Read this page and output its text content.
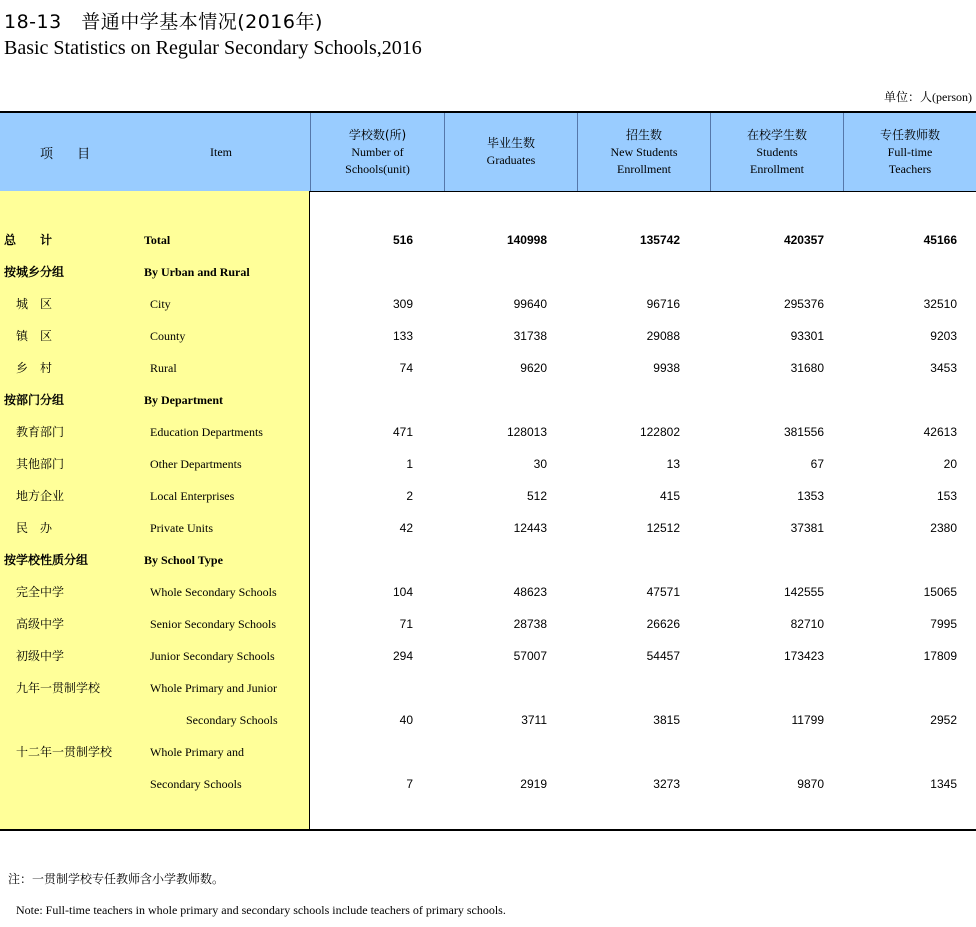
18-13　普通中学基本情况(2016年)
Basic Statistics on Regular Secondary Schools,2016
单位：人(person)
项 目	Item
学校数(所)
Number of
Schools(unit)
毕业生数
Graduates
招生数
New Students
Enrollment
在校学生数
Students
Enrollment
专任教师数
Full-time
Teachers
总　　计	Total	516	140998	135742	420357	45166
按城乡分组	By Urban and Rural
城　区	City	309	99640	96716	295376	32510
镇　区	County	133	31738	29088	93301	9203
乡　村	Rural	74	9620	9938	31680	3453
按部门分组	By Department
教育部门	Education Departments	471	128013	122802	381556	42613
其他部门	Other Departments	1	30	13	67	20
地方企业	Local Enterprises	2	512	415	1353	153
民　办	Private Units	42	12443	12512	37381	2380
按学校性质分组	By School Type
完全中学	Whole Secondary Schools	104	48623	47571	142555	15065
高级中学	Senior Secondary Schools	71	28738	26626	82710	7995
初级中学	Junior Secondary Schools	294	57007	54457	173423	17809
九年一贯制学校	Whole Primary and Junior
Secondary Schools	40	3711	3815	11799	2952
十二年一贯制学校	Whole Primary and
Secondary Schools	7	2919	3273	9870	1345
注：一贯制学校专任教师含小学教师数。
Note: Full-time teachers in whole primary and secondary schools include teachers of primary schools.
